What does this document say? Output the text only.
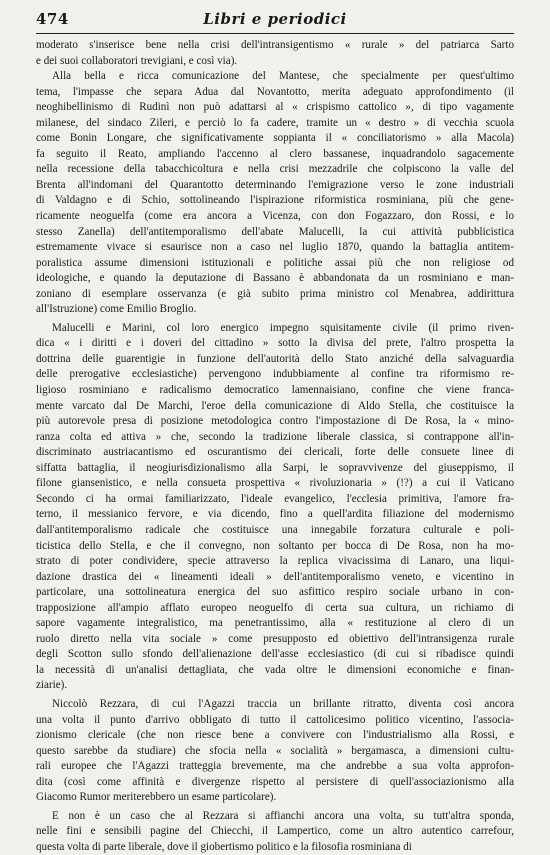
474	Libri e periodici
moderato s'inserisce bene nella crisi dell'intransigentismo « rurale » del patriarca Sarto
e dei suoi collaboratori trevigiani, e così via).
Alla bella e ricca comunicazione del Mantese, che specialmente per quest'ultimo
tema, l'impasse che separa Adua dal Novantotto, merita adeguato approfondimento (il
neoghibellinismo di Rudinì non può adattarsi al « crispismo cattolico », di tipo vagamente
milanese, del sindaco Zileri, e perciò lo fa cadere, tramite un « destro » di vecchia scuola
come Bonin Longare, che significativamente soppianta il « conciliatorismo » alla Macola)
fa seguito il Reato, ampliando l'accenno al clero bassanese, inquadrandolo sagacemente
nella recessione della tabacchicoltura e nella crisi mezzadrile che colpiscono la valle del
Brenta all'indomani del Quarantotto determinando l'emigrazione verso le zone industriali
di Valdagno e di Schio, sottolineando l'ispirazione riformistica rosminiana, più che gene-
ricamente neoguelfa (come era ancora a Vicenza, con don Fogazzaro, don Rossi, e lo
stesso Zanella) dell'antitemporalismo dell'abate Malucelli, la cui attività pubblicistica
estremamente vivace si esaurisce non a caso nel luglio 1870, quando la battaglia antitem-
poralistica assume dimensioni istituzionali e politiche assai più che non religiose od
ideologiche, e quando la deputazione di Bassano è abbandonata da un rosminiano e man-
zoniano di esemplare osservanza (e già subito prima ministro col Menabrea, addirittura
all'Istruzione) come Emilio Broglio.
Malucelli e Marini, col loro energico impegno squisitamente civile (il primo riven-
dica « i diritti e i doveri del cittadino » sotto la divisa del prete, l'altro prospetta la
dottrina delle guarentigie in funzione dell'autorità dello Stato anziché della salvaguardia
delle prerogative ecclesiastiche) pervengono indubbiamente al confine tra riformismo re-
ligioso rosminiano e radicalismo democratico lamennaisiano, confine che viene franca-
mente varcato dal De Marchi, l'eroe della comunicazione di Aldo Stella, che costituisce la
più autorevole presa di posizione metodologica contro l'impostazione di De Rosa, la « mino-
ranza colta ed attiva » che, secondo la tradizione liberale classica, si contrappone all'in-
discriminato austriacantismo ed oscurantismo dei clericali, forte delle consuete linee di
siffatta battaglia, il neogiurisdizionalismo alla Sarpi, le sopravvivenze del giuseppismo, il
filone giansenistico, e nella consueta prospettiva « rivoluzionaria » (!?) a cui il Vaticano
Secondo ci ha ormai familiarizzato, l'ideale evangelico, l'ecclesia primitiva, l'amore fra-
terno, il messianico fervore, e via dicendo, fino a quell'ardita filiazione del modernismo
dall'antitemporalismo radicale che costituisce una innegabile forzatura culturale e poli-
ticistica dello Stella, e che il convegno, non soltanto per bocca di De Rosa, non ha mo-
strato di poter condividere, specie attraverso la replica vivacissima di Lanaro, una liqui-
dazione drastica dei « lineamenti ideali » dell'antitemporalismo veneto, e vicentino in
particolare, una sottolineatura energica del suo asfittico respiro sociale urbano in con-
trapposizione all'ampio afflato europeo neoguelfo di certa sua cultura, un richiamo di
sapore vagamente integralistico, ma penetrantissimo, alla « restituzione al clero di un
ruolo diretto nella vita sociale » come presupposto ed obiettivo dell'intransigenza rurale
degli Scotton sullo sfondo dell'alienazione dell'asse ecclesiastico (di cui si ribadisce quindi
la necessità di un'analisi dettagliata, che vada oltre le dimensioni economiche e finan-
ziarie).
Niccolò Rezzara, di cui l'Agazzi traccia un brillante ritratto, diventa così ancora
una volta il punto d'arrivo obbligato di tutto il cattolicesimo politico vicentino, l'associa-
zionismo clericale (che non riesce bene a convivere con l'industrialismo alla Rossi, e
questo sarebbe da studiare) che sfocia nella « socialità » bergamasca, a dimensioni cultu-
rali europee che l'Agazzi tratteggia brevemente, ma che andrebbe a sua volta approfon-
dita (così come affinità e divergenze rispetto al persistere di quell'associazionismo alla
Giacomo Rumor meriterebbero un esame particolare).
E non è un caso che al Rezzara si affianchi ancora una volta, su tutt'altra sponda,
nelle fini e sensibili pagine del Chiecchi, il Lampertico, come un altro autentico carrefour,
questa volta di parte liberale, dove il giobertismo politico e la filosofia rosminiana di
